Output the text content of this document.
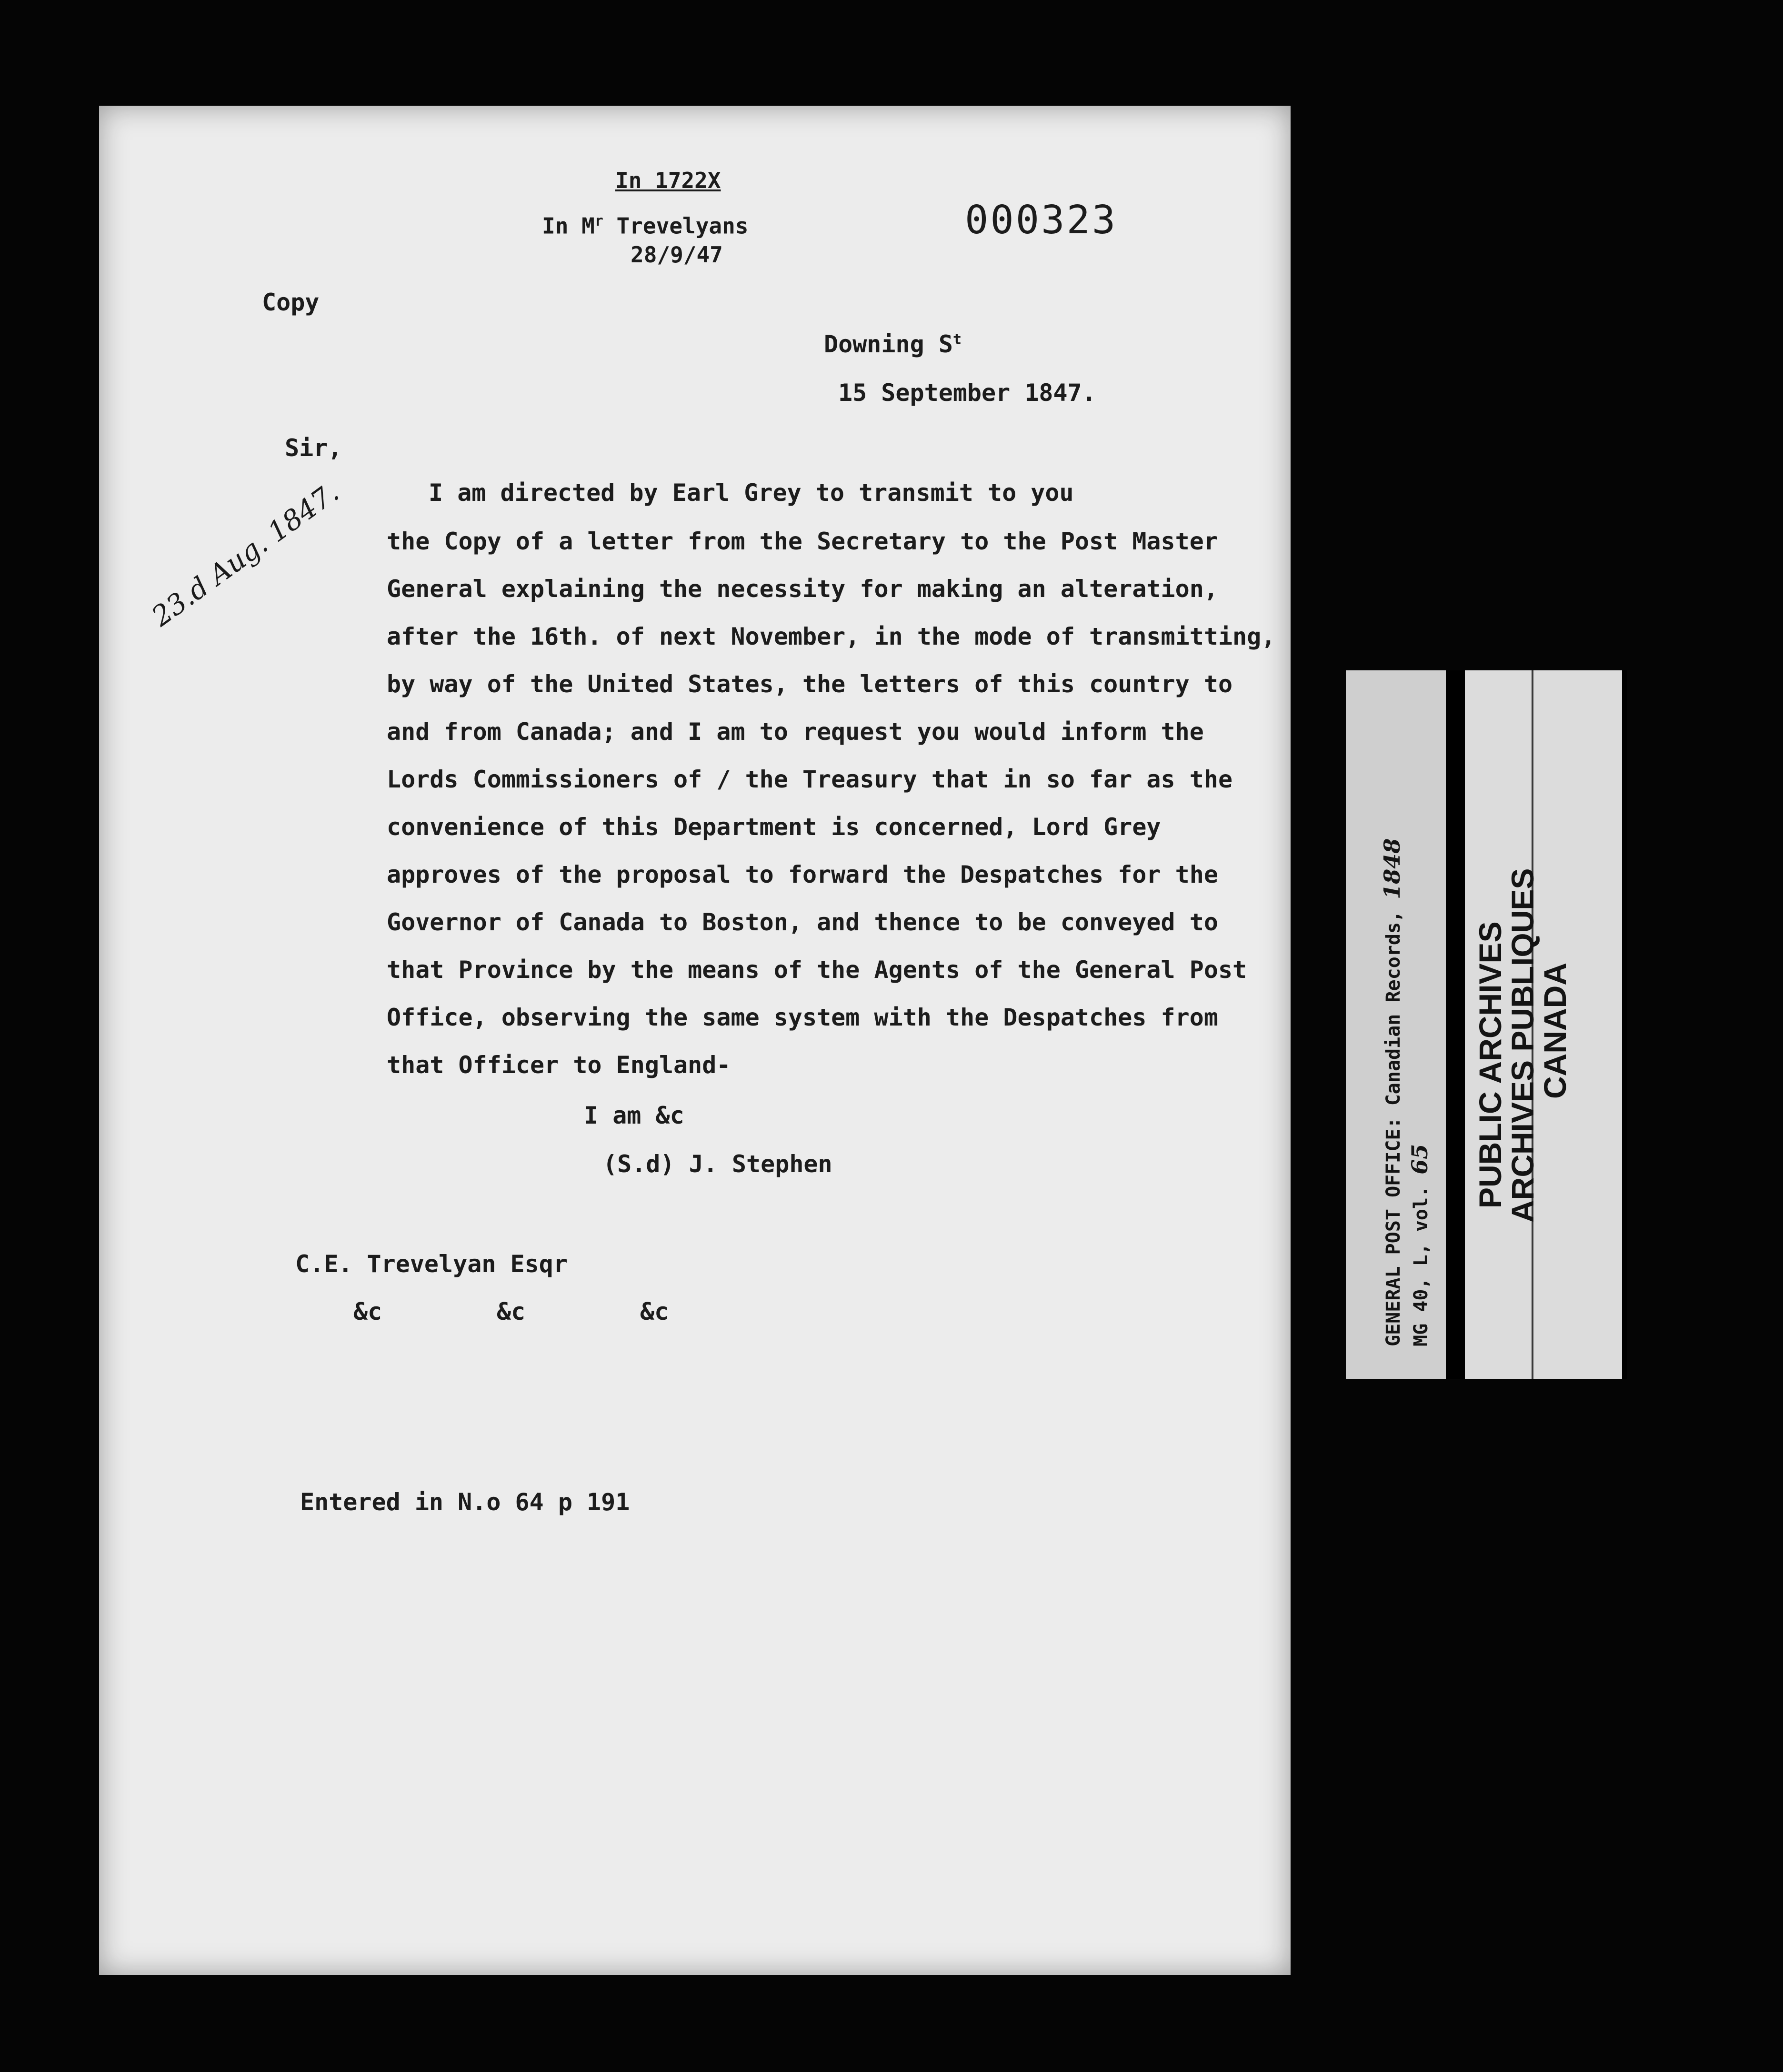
In 1722X
In $M^r$ Trevelyans
28/9/47
000323
Copy
Downing $S^t$
15 September 1847.
Sir,
23.d Aug. 1847.	I am directed by Earl Grey to transmit to you
the Copy of a letter from the Secretary to the Post Master
General explaining the necessity for making an alteration,
after the 16th. of next November, in the mode of transmitting,
by way of the United States, the letters of this country to
and from Canada; and I am to request you would inform the
Lords Commissioners of / the Treasury that in so far as the
convenience of this Department is concerned, Lord Grey
approves of the proposal to forward the Despatches for the
Governor of Canada to Boston, and thence to be conveyed to
that Province by the means of the Agents of the General Post
Office, observing the same system with the Despatches from
that Officer to England-
I am &c
(S.d) J. Stephen
C.E. Trevelyan Esqr
&c        &c        &c
Entered in N.o 64 p 191
GENERAL POST OFFICE: Canadian Records, 1848
MG 40, L, vol. 65 PUBLIC ARCHIVES
ARCHIVES PUBLIQUES
CANADA
